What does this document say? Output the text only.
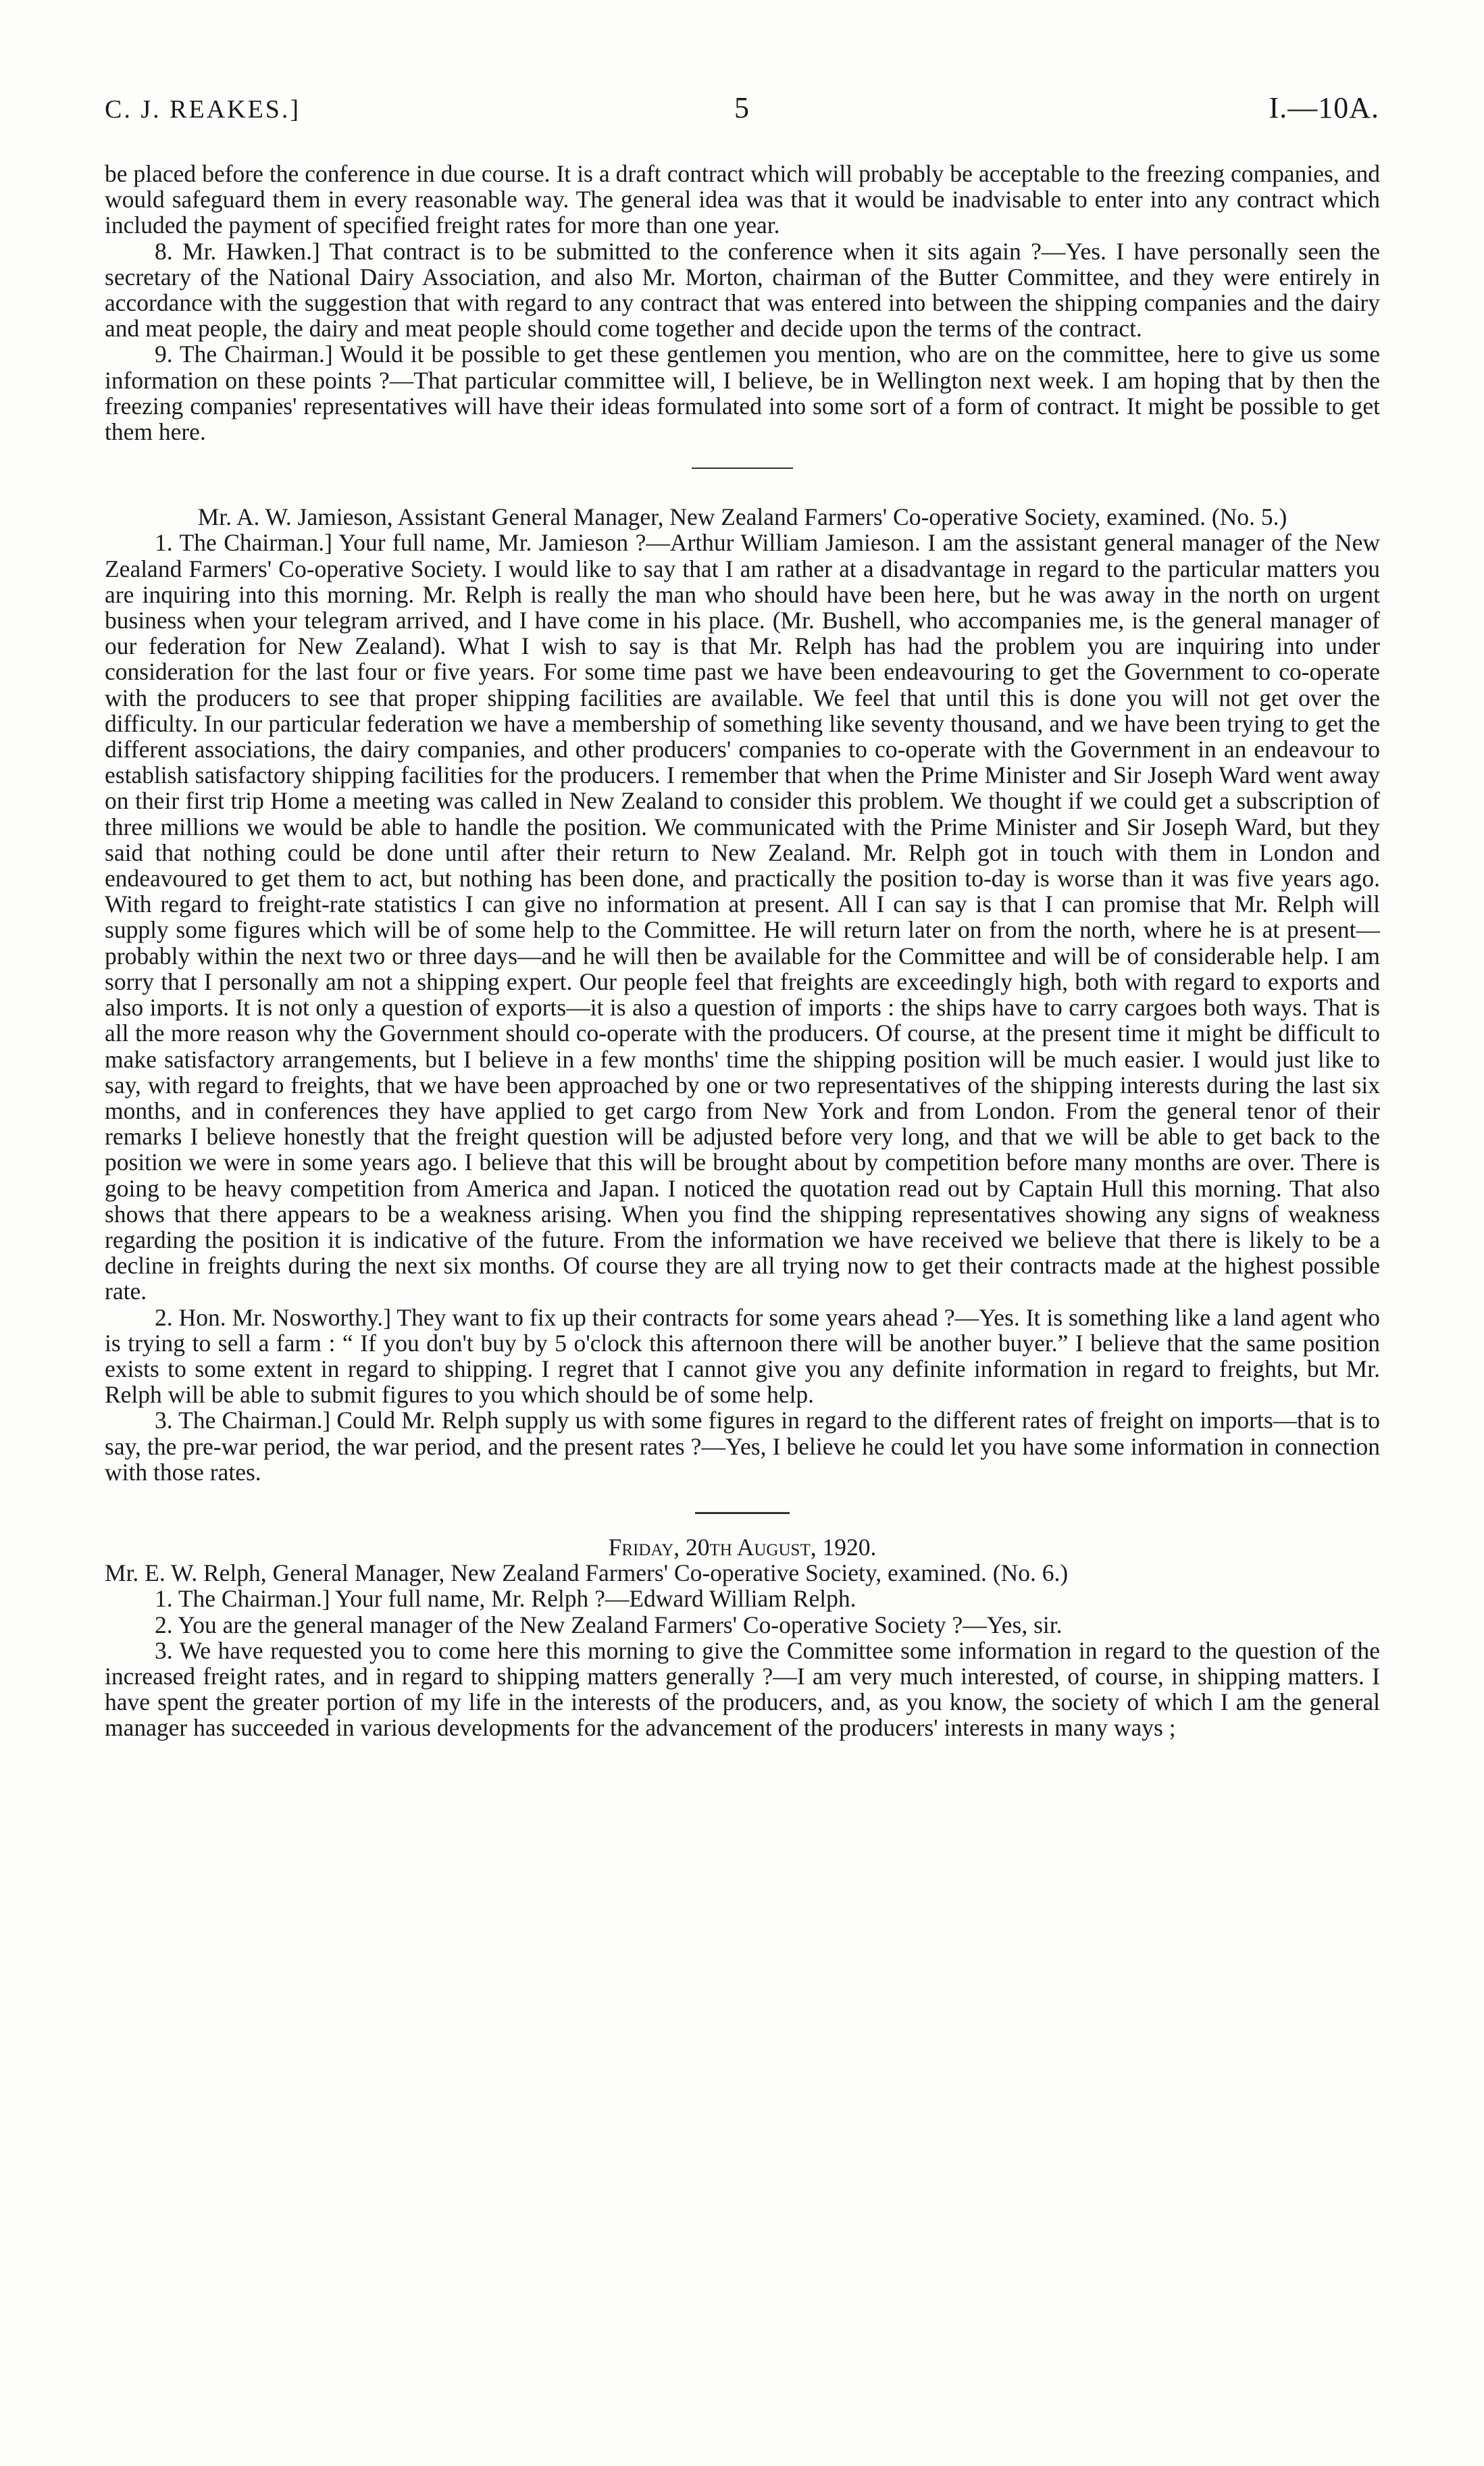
C. J. REAKES.]	5	I.—10A.

be placed before the conference in due course. It is a draft contract which will probably be acceptable to the freezing companies, and would safeguard them in every reasonable way. The general idea was that it would be inadvisable to enter into any contract which included the payment of specified freight rates for more than one year.

8. Mr. Hawken.] That contract is to be submitted to the conference when it sits again ?—Yes. I have personally seen the secretary of the National Dairy Association, and also Mr. Morton, chairman of the Butter Committee, and they were entirely in accordance with the suggestion that with regard to any contract that was entered into between the shipping companies and the dairy and meat people, the dairy and meat people should come together and decide upon the terms of the contract.

9. The Chairman.] Would it be possible to get these gentlemen you mention, who are on the committee, here to give us some information on these points ?—That particular committee will, I believe, be in Wellington next week. I am hoping that by then the freezing companies' representatives will have their ideas formulated into some sort of a form of contract. It might be possible to get them here.

Mr. A. W. Jamieson, Assistant General Manager, New Zealand Farmers' Co-operative Society, examined. (No. 5.)

1. The Chairman.] Your full name, Mr. Jamieson ?—Arthur William Jamieson. I am the assistant general manager of the New Zealand Farmers' Co-operative Society. I would like to say that I am rather at a disadvantage in regard to the particular matters you are inquiring into this morning. Mr. Relph is really the man who should have been here, but he was away in the north on urgent business when your telegram arrived, and I have come in his place. (Mr. Bushell, who accompanies me, is the general manager of our federation for New Zealand). What I wish to say is that Mr. Relph has had the problem you are inquiring into under consideration for the last four or five years. For some time past we have been endeavouring to get the Government to co-operate with the producers to see that proper shipping facilities are available. We feel that until this is done you will not get over the difficulty. In our particular federation we have a membership of something like seventy thousand, and we have been trying to get the different associations, the dairy companies, and other producers' companies to co-operate with the Government in an endeavour to establish satisfactory shipping facilities for the producers. I remember that when the Prime Minister and Sir Joseph Ward went away on their first trip Home a meeting was called in New Zealand to consider this problem. We thought if we could get a subscription of three millions we would be able to handle the position. We communicated with the Prime Minister and Sir Joseph Ward, but they said that nothing could be done until after their return to New Zealand. Mr. Relph got in touch with them in London and endeavoured to get them to act, but nothing has been done, and practically the position to-day is worse than it was five years ago. With regard to freight-rate statistics I can give no information at present. All I can say is that I can promise that Mr. Relph will supply some figures which will be of some help to the Committee. He will return later on from the north, where he is at present—probably within the next two or three days—and he will then be available for the Committee and will be of considerable help. I am sorry that I personally am not a shipping expert. Our people feel that freights are exceedingly high, both with regard to exports and also imports. It is not only a question of exports—it is also a question of imports : the ships have to carry cargoes both ways. That is all the more reason why the Government should co-operate with the producers. Of course, at the present time it might be difficult to make satisfactory arrangements, but I believe in a few months' time the shipping position will be much easier. I would just like to say, with regard to freights, that we have been approached by one or two representatives of the shipping interests during the last six months, and in conferences they have applied to get cargo from New York and from London. From the general tenor of their remarks I believe honestly that the freight question will be adjusted before very long, and that we will be able to get back to the position we were in some years ago. I believe that this will be brought about by competition before many months are over. There is going to be heavy competition from America and Japan. I noticed the quotation read out by Captain Hull this morning. That also shows that there appears to be a weakness arising. When you find the shipping representatives showing any signs of weakness regarding the position it is indicative of the future. From the information we have received we believe that there is likely to be a decline in freights during the next six months. Of course they are all trying now to get their contracts made at the highest possible rate.

2. Hon. Mr. Nosworthy.] They want to fix up their contracts for some years ahead ?—Yes. It is something like a land agent who is trying to sell a farm : “ If you don't buy by 5 o'clock this afternoon there will be another buyer.” I believe that the same position exists to some extent in regard to shipping. I regret that I cannot give you any definite information in regard to freights, but Mr. Relph will be able to submit figures to you which should be of some help.

3. The Chairman.] Could Mr. Relph supply us with some figures in regard to the different rates of freight on imports—that is to say, the pre-war period, the war period, and the present rates ?—Yes, I believe he could let you have some information in connection with those rates.

Friday, 20th August, 1920.

Mr. E. W. Relph, General Manager, New Zealand Farmers' Co-operative Society, examined. (No. 6.)

1. The Chairman.] Your full name, Mr. Relph ?—Edward William Relph.

2. You are the general manager of the New Zealand Farmers' Co-operative Society ?—Yes, sir.

3. We have requested you to come here this morning to give the Committee some information in regard to the question of the increased freight rates, and in regard to shipping matters generally ?—I am very much interested, of course, in shipping matters. I have spent the greater portion of my life in the interests of the producers, and, as you know, the society of which I am the general manager has succeeded in various developments for the advancement of the producers' interests in many ways ;
